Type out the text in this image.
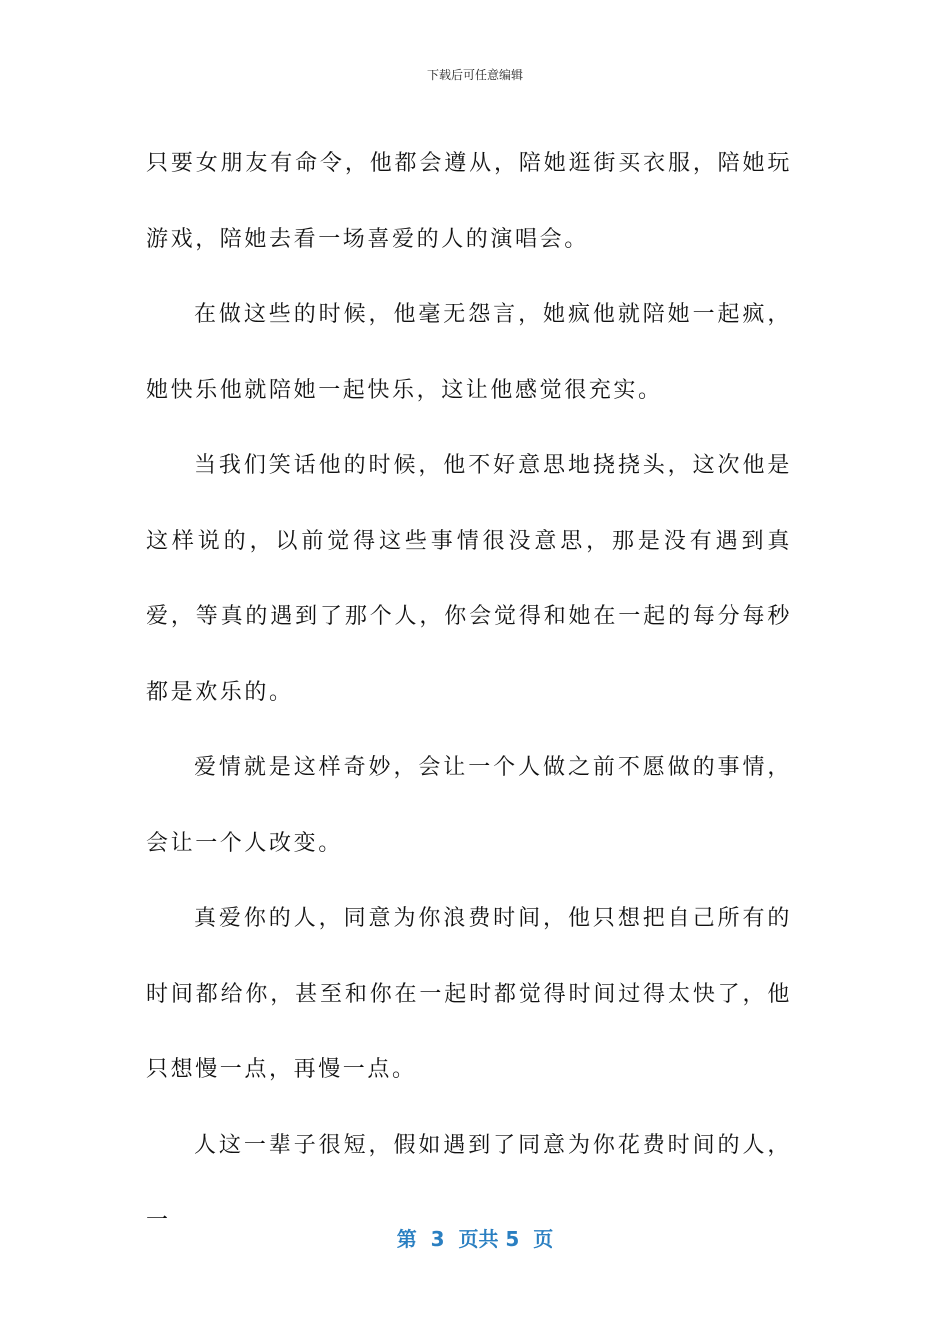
下载后可任意编辑

只要女朋友有命令，他都会遵从，陪她逛街买衣服，陪她玩游戏，陪她去看一场喜爱的人的演唱会。

在做这些的时候，他毫无怨言，她疯他就陪她一起疯，她快乐他就陪她一起快乐，这让他感觉很充实。

当我们笑话他的时候，他不好意思地挠挠头，这次他是这样说的，以前觉得这些事情很没意思，那是没有遇到真爱，等真的遇到了那个人，你会觉得和她在一起的每分每秒都是欢乐的。

爱情就是这样奇妙，会让一个人做之前不愿做的事情，会让一个人改变。

真爱你的人，同意为你浪费时间，他只想把自己所有的时间都给你，甚至和你在一起时都觉得时间过得太快了，他只想慢一点，再慢一点。

人这一辈子很短，假如遇到了同意为你花费时间的人，一

第  3  页共 5  页
